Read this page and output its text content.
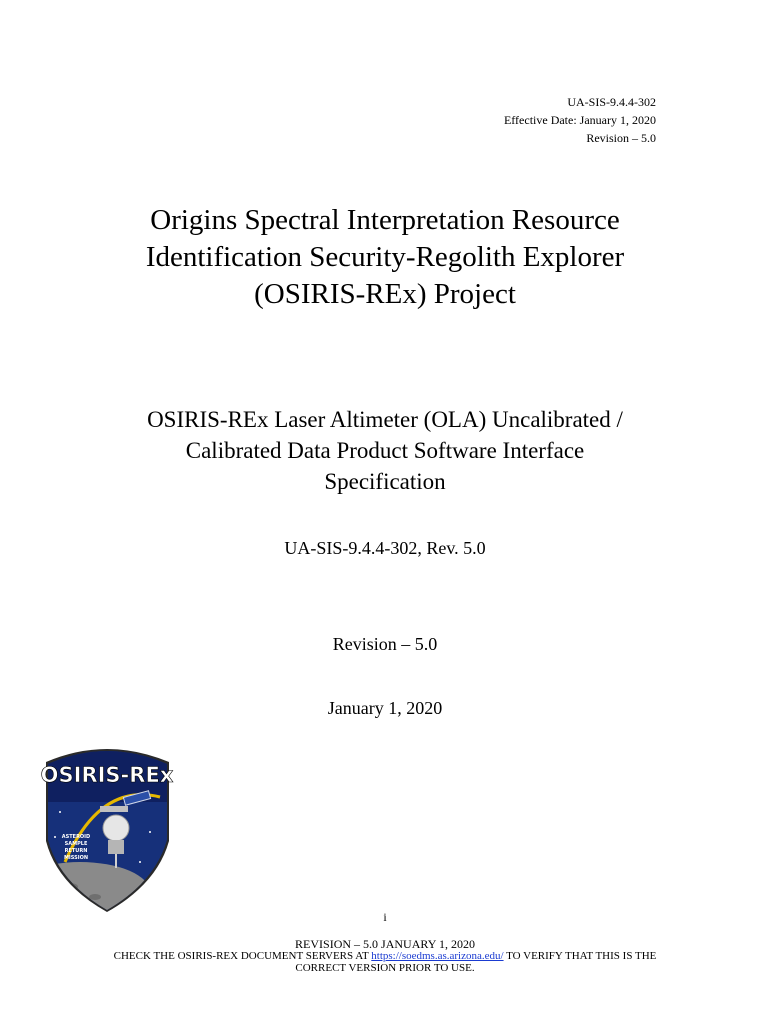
UA-SIS-9.4.4-302
Effective Date: January 1, 2020
Revision – 5.0
Origins Spectral Interpretation Resource
Identification Security-Regolith Explorer
(OSIRIS-REx) Project
OSIRIS-REx Laser Altimeter (OLA) Uncalibrated /
Calibrated Data Product Software Interface
Specification
UA-SIS-9.4.4-302, Rev. 5.0
Revision – 5.0
January 1, 2020
OSIRIS-REx
ASTEROID
SAMPLE
RETURN
MISSION
i
REVISION – 5.0 JANUARY 1, 2020
CHECK THE OSIRIS-REX DOCUMENT SERVERS AT https://soedms.as.arizona.edu/ TO VERIFY THAT THIS IS THE
CORRECT VERSION PRIOR TO USE.
